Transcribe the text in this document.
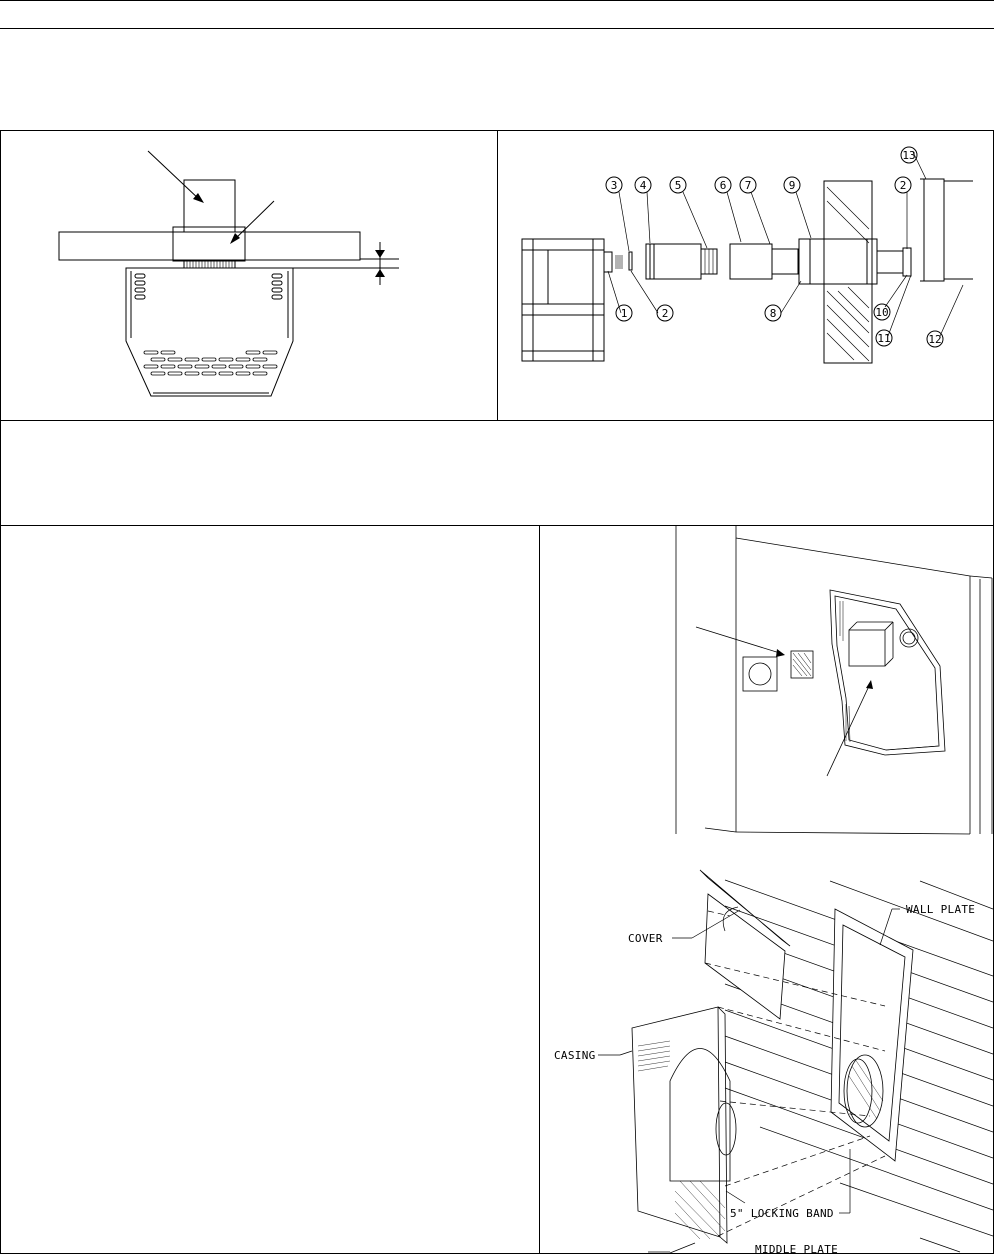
3 4	5	6 7	9	2
13
1	2	8	10
11	12
COVER
WALL PLATE
CASING
5" LOCKING BAND
MIDDLE PLATE
